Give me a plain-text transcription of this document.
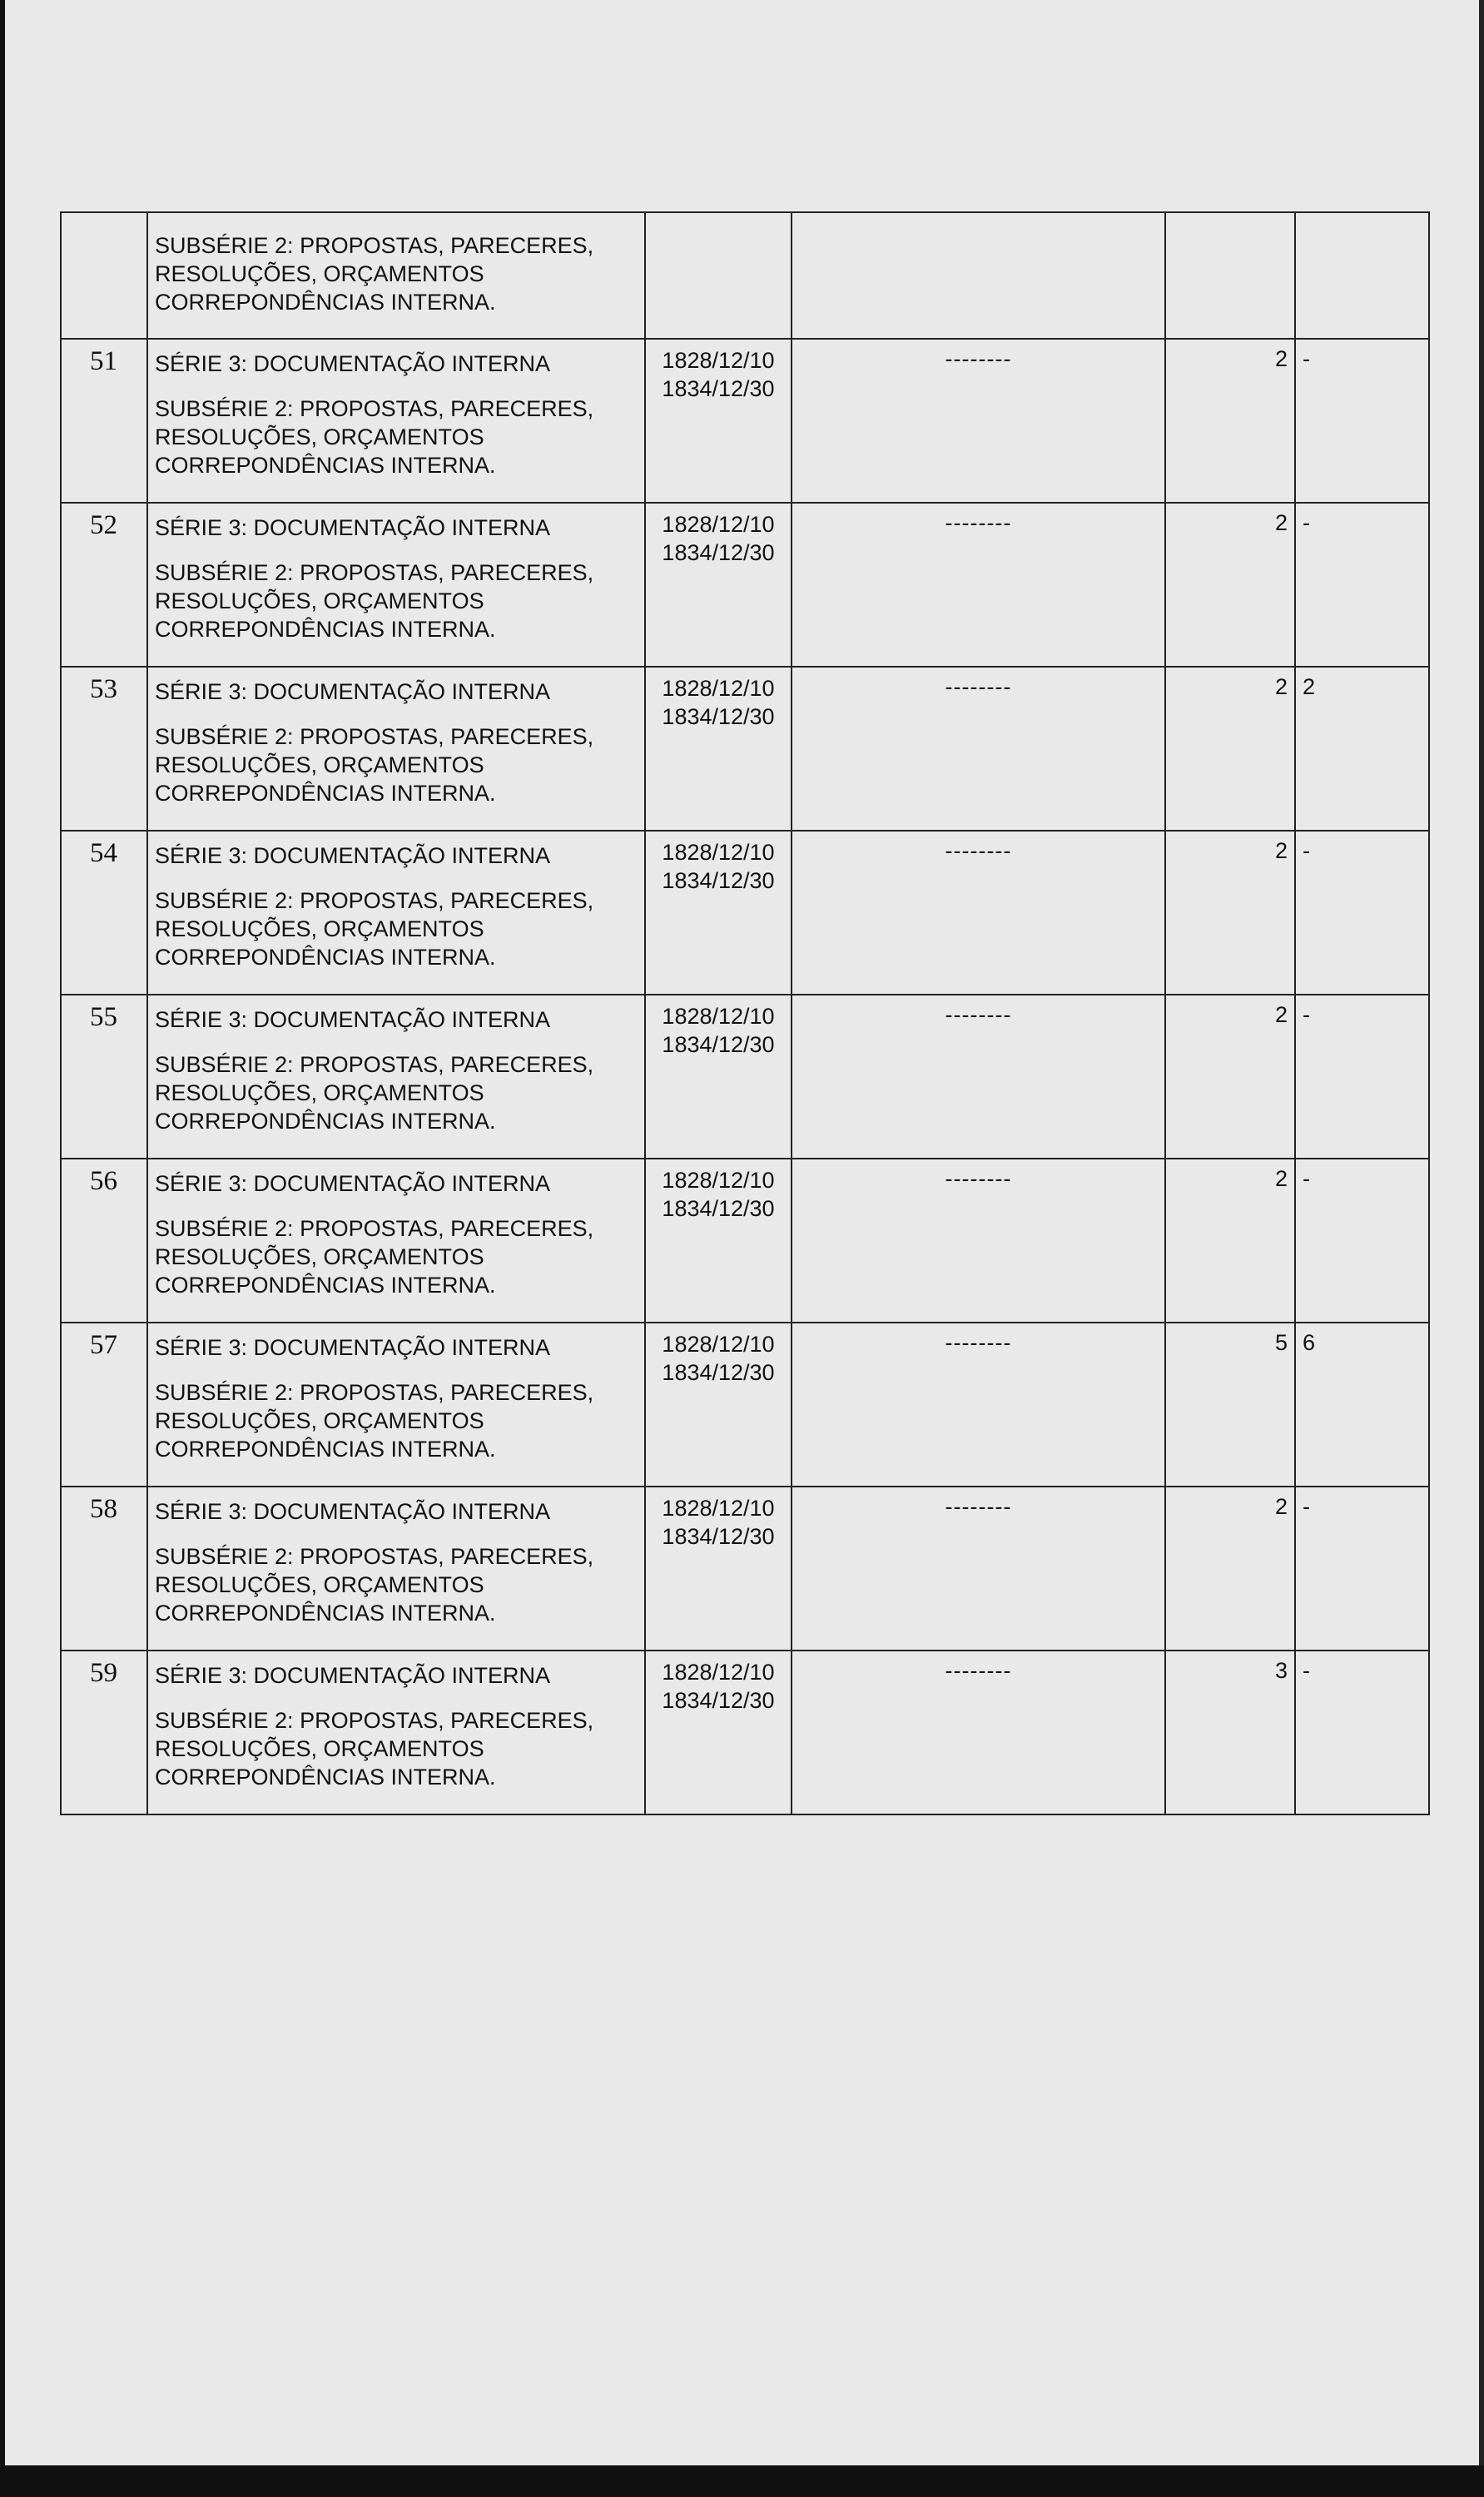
	SUBSÉRIE 2: PROPOSTAS, PARECERES,
RESOLUÇÕES, ORÇAMENTOS
CORREPONDÊNCIAS INTERNA.				

51	SÉRIE 3: DOCUMENTAÇÃO INTERNA
SUBSÉRIE 2: PROPOSTAS, PARECERES,
RESOLUÇÕES, ORÇAMENTOS
CORREPONDÊNCIAS INTERNA.	1828/12/10
1834/12/30	--------	2	-
52	SÉRIE 3: DOCUMENTAÇÃO INTERNA
SUBSÉRIE 2: PROPOSTAS, PARECERES,
RESOLUÇÕES, ORÇAMENTOS
CORREPONDÊNCIAS INTERNA.	1828/12/10
1834/12/30	--------	2	-
53	SÉRIE 3: DOCUMENTAÇÃO INTERNA
SUBSÉRIE 2: PROPOSTAS, PARECERES,
RESOLUÇÕES, ORÇAMENTOS
CORREPONDÊNCIAS INTERNA.	1828/12/10
1834/12/30	--------	2	2
54	SÉRIE 3: DOCUMENTAÇÃO INTERNA
SUBSÉRIE 2: PROPOSTAS, PARECERES,
RESOLUÇÕES, ORÇAMENTOS
CORREPONDÊNCIAS INTERNA.	1828/12/10
1834/12/30	--------	2	-
55	SÉRIE 3: DOCUMENTAÇÃO INTERNA
SUBSÉRIE 2: PROPOSTAS, PARECERES,
RESOLUÇÕES, ORÇAMENTOS
CORREPONDÊNCIAS INTERNA.	1828/12/10
1834/12/30	--------	2	-
56	SÉRIE 3: DOCUMENTAÇÃO INTERNA
SUBSÉRIE 2: PROPOSTAS, PARECERES,
RESOLUÇÕES, ORÇAMENTOS
CORREPONDÊNCIAS INTERNA.	1828/12/10
1834/12/30	--------	2	-
57	SÉRIE 3: DOCUMENTAÇÃO INTERNA
SUBSÉRIE 2: PROPOSTAS, PARECERES,
RESOLUÇÕES, ORÇAMENTOS
CORREPONDÊNCIAS INTERNA.	1828/12/10
1834/12/30	--------	5	6
58	SÉRIE 3: DOCUMENTAÇÃO INTERNA
SUBSÉRIE 2: PROPOSTAS, PARECERES,
RESOLUÇÕES, ORÇAMENTOS
CORREPONDÊNCIAS INTERNA.	1828/12/10
1834/12/30	--------	2	-
59	SÉRIE 3: DOCUMENTAÇÃO INTERNA
SUBSÉRIE 2: PROPOSTAS, PARECERES,
RESOLUÇÕES, ORÇAMENTOS
CORREPONDÊNCIAS INTERNA.	1828/12/10
1834/12/30	--------	3	-
